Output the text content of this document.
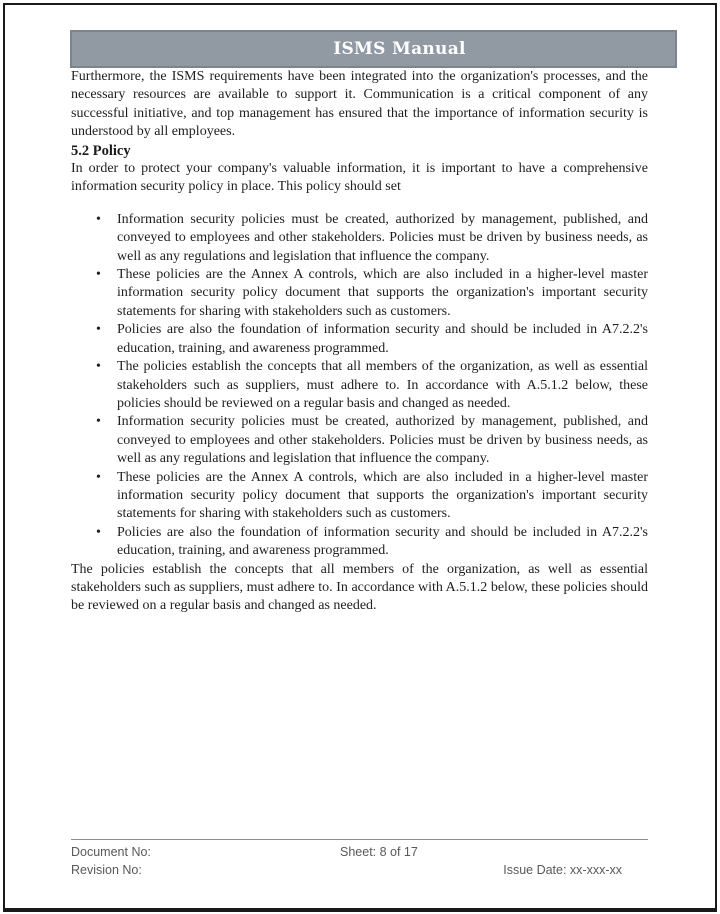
ISMS Manual

Furthermore, the ISMS requirements have been integrated into the organization's processes, and the necessary resources are available to support it. Communication is a critical component of any successful initiative, and top management has ensured that the importance of information security is understood by all employees.

5.2 Policy

In order to protect your company's valuable information, it is important to have a comprehensive information security policy in place. This policy should set

• Information security policies must be created, authorized by management, published, and conveyed to employees and other stakeholders. Policies must be driven by business needs, as well as any regulations and legislation that influence the company.
• These policies are the Annex A controls, which are also included in a higher-level master information security policy document that supports the organization's important security statements for sharing with stakeholders such as customers.
• Policies are also the foundation of information security and should be included in A7.2.2's education, training, and awareness programmed.
• The policies establish the concepts that all members of the organization, as well as essential stakeholders such as suppliers, must adhere to. In accordance with A.5.1.2 below, these policies should be reviewed on a regular basis and changed as needed.
• Information security policies must be created, authorized by management, published, and conveyed to employees and other stakeholders. Policies must be driven by business needs, as well as any regulations and legislation that influence the company.
• These policies are the Annex A controls, which are also included in a higher-level master information security policy document that supports the organization's important security statements for sharing with stakeholders such as customers.
• Policies are also the foundation of information security and should be included in A7.2.2's education, training, and awareness programmed.

The policies establish the concepts that all members of the organization, as well as essential stakeholders such as suppliers, must adhere to. In accordance with A.5.1.2 below, these policies should be reviewed on a regular basis and changed as needed.

Document No:	Sheet: 8 of 17
Revision No:	Issue Date: xx-xxx-xx
